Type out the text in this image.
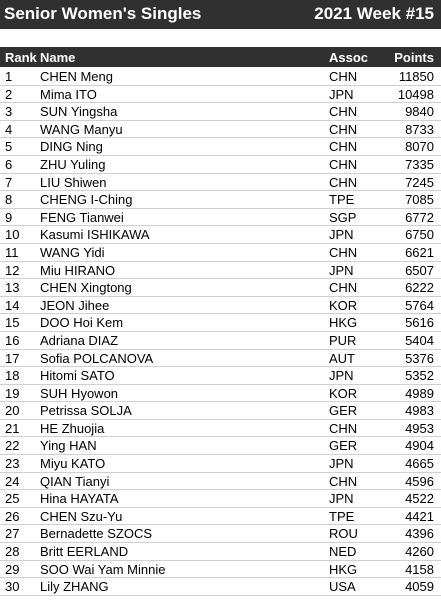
Senior Women's Singles	2021 Week #15
Rank Name	Assoc Points
1 CHEN Meng	CHN	11850
2 Mima ITO	JPN	10498
3 SUN Yingsha	CHN	9840
4 WANG Manyu	CHN	8733
5 DING Ning	CHN	8070
6 ZHU Yuling	CHN	7335
7 LIU Shiwen	CHN	7245
8 CHENG I-Ching	TPE	7085
9 FENG Tianwei	SGP	6772
10 Kasumi ISHIKAWA	JPN	6750
11 WANG Yidi	CHN	6621
12 Miu HIRANO	JPN	6507
13 CHEN Xingtong	CHN	6222
14 JEON Jihee	KOR	5764
15 DOO Hoi Kem	HKG	5616
16 Adriana DIAZ	PUR	5404
17 Sofia POLCANOVA	AUT	5376
18 Hitomi SATO	JPN	5352
19 SUH Hyowon	KOR	4989
20 Petrissa SOLJA	GER	4983
21 HE Zhuojia	CHN	4953
22 Ying HAN	GER	4904
23 Miyu KATO	JPN	4665
24 QIAN Tianyi	CHN	4596
25 Hina HAYATA	JPN	4522
26 CHEN Szu-Yu	TPE	4421
27 Bernadette SZOCS	ROU	4396
28 Britt EERLAND	NED	4260
29 SOO Wai Yam Minnie	HKG	4158
30 Lily ZHANG	USA	4059
